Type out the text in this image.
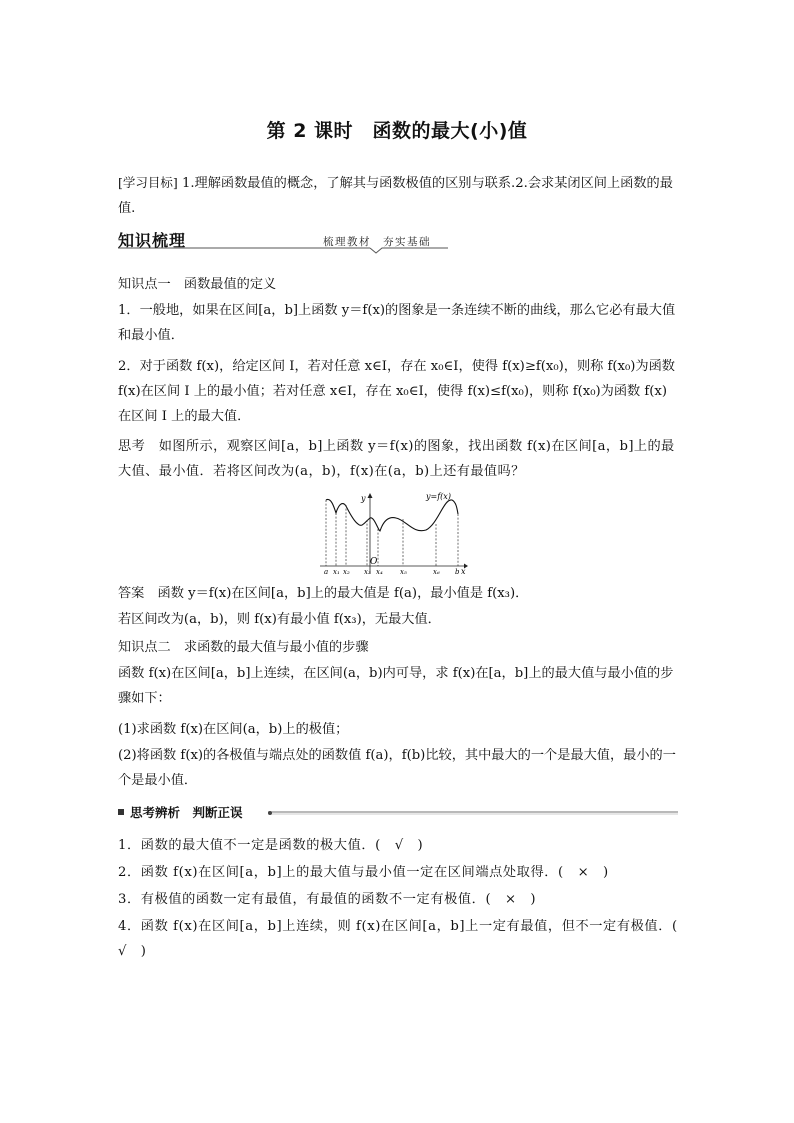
第 2 课时　函数的最大(小)值

[学习目标] 1.理解函数最值的概念，了解其与函数极值的区别与联系.2.会求某闭区间上函数的最值.

知识梳理	梳理教材　夯实基础

知识点一　函数最值的定义

1．一般地，如果在区间[a，b]上函数 y＝f(x)的图象是一条连续不断的曲线，那么它必有最大值和最小值．

2．对于函数 f(x)，给定区间 I，若对任意 x∈I，存在 x₀∈I，使得 f(x)≥f(x₀)，则称 f(x₀)为函数 f(x)在区间 I 上的最小值；若对任意 x∈I，存在 x₀∈I，使得 f(x)≤f(x₀)，则称 f(x₀)为函数 f(x)在区间 I 上的最大值．

思考　如图所示，观察区间[a，b]上函数 y＝f(x)的图象，找出函数 f(x)在区间[a，b]上的最大值、最小值．若将区间改为(a，b)，f(x)在(a，b)上还有最值吗？

y=f(x)
y
O
x
a x₁ x₂ x₃ x₄ x₅	x₆ b

答案　函数 y＝f(x)在区间[a，b]上的最大值是 f(a)，最小值是 f(x₃)．

若区间改为(a，b)，则 f(x)有最小值 f(x₃)，无最大值．

知识点二　求函数的最大值与最小值的步骤

函数 f(x)在区间[a，b]上连续，在区间(a，b)内可导，求 f(x)在[a，b]上的最大值与最小值的步骤如下：

(1)求函数 f(x)在区间(a，b)上的极值；

(2)将函数 f(x)的各极值与端点处的函数值 f(a)，f(b)比较，其中最大的一个是最大值，最小的一个是最小值．

思考辨析　判断正误

1．函数的最大值不一定是函数的极大值．(　√　)

2．函数 f(x)在区间[a，b]上的最大值与最小值一定在区间端点处取得．(　×　)

3．有极值的函数一定有最值，有最值的函数不一定有极值．(　×　)

4．函数 f(x)在区间[a，b]上连续，则 f(x)在区间[a，b]上一定有最值，但不一定有极值．(　√　)
